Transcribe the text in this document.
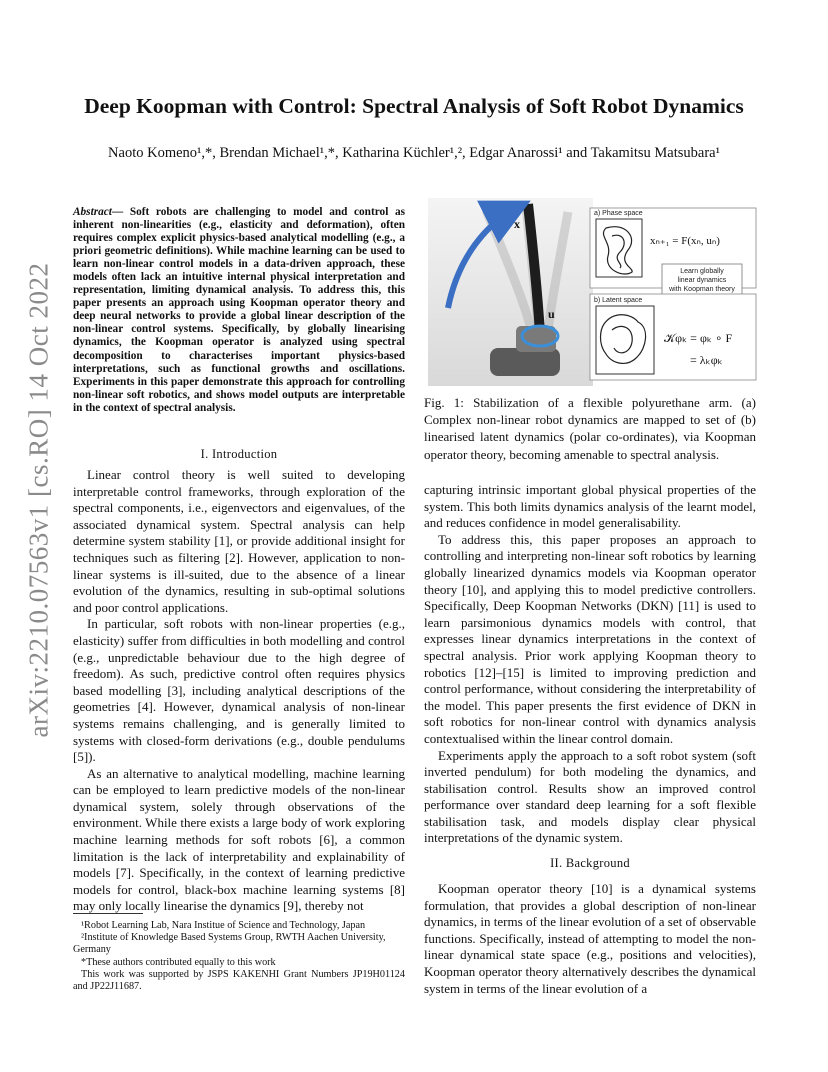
arXiv:2210.07563v1 [cs.RO] 14 Oct 2022
Deep Koopman with Control: Spectral Analysis of Soft Robot Dynamics
Naoto Komeno¹,*, Brendan Michael¹,*, Katharina Küchler¹,², Edgar Anarossi¹ and Takamitsu Matsubara¹
Abstract— Soft robots are challenging to model and control as inherent non-linearities (e.g., elasticity and deformation), often requires complex explicit physics-based analytical modelling (e.g., a priori geometric definitions). While machine learning can be used to learn non-linear control models in a data-driven approach, these models often lack an intuitive internal physical interpretation and representation, limiting dynamical analysis. To address this, this paper presents an approach using Koopman operator theory and deep neural networks to provide a global linear description of the non-linear control systems. Specifically, by globally linearising dynamics, the Koopman operator is analyzed using spectral decomposition to characterises important physics-based interpretations, such as functional growths and oscillations. Experiments in this paper demonstrate this approach for controlling non-linear soft robotics, and shows model outputs are interpretable in the context of spectral analysis.
I. Introduction

Linear control theory is well suited to developing interpretable control frameworks, through exploration of the spectral components, i.e., eigenvectors and eigenvalues, of the associated dynamical system. Spectral analysis can help determine system stability [1], or provide additional insight for techniques such as filtering [2]. However, application to non-linear systems is ill-suited, due to the absence of a linear evolution of the dynamics, resulting in sub-optimal solutions and poor control applications.

In particular, soft robots with non-linear properties (e.g., elasticity) suffer from difficulties in both modelling and control (e.g., unpredictable behaviour due to the high degree of freedom). As such, predictive control often requires physics based modelling [3], including analytical descriptions of the geometries [4]. However, dynamical analysis of non-linear systems remains challenging, and is generally limited to systems with closed-form derivations (e.g., double pendulums [5]).

As an alternative to analytical modelling, machine learning can be employed to learn predictive models of the non-linear dynamical system, solely through observations of the environment. While there exists a large body of work exploring machine learning methods for soft robots [6], a common limitation is the lack of interpretability and explainability of models [7]. Specifically, in the context of learning predictive models for control, black-box machine learning systems [8] may only locally linearise the dynamics [9], thereby not

¹Robot Learning Lab, Nara Institue of Science and Technology, Japan
²Institute of Knowledge Based Systems Group, RWTH Aachen University, Germany
*These authors contributed equally to this work
This work was supported by JSPS KAKENHI Grant Numbers JP19H01124 and JP22J11687.
x
u
a) Phase space
xₙ₊₁ = F(xₙ, uₙ)
Learn globally
linear dynamics
with Koopman theory
b) Latent space
𝒦φₖ = φₖ ∘ F
= λₖφₖ
Fig. 1: Stabilization of a flexible polyurethane arm. (a) Complex non-linear robot dynamics are mapped to set of (b) linearised latent dynamics (polar co-ordinates), via Koopman operator theory, becoming amenable to spectral analysis.

capturing intrinsic important global physical properties of the system. This both limits dynamics analysis of the learnt model, and reduces confidence in model generalisability.

To address this, this paper proposes an approach to controlling and interpreting non-linear soft robotics by learning globally linearized dynamics models via Koopman operator theory [10], and applying this to model predictive controllers. Specifically, Deep Koopman Networks (DKN) [11] is used to learn parsimonious dynamics models with control, that expresses linear dynamics interpretations in the context of spectral analysis. Prior work applying Koopman theory to robotics [12]–[15] is limited to improving prediction and control performance, without considering the interpretability of the model. This paper presents the first evidence of DKN in soft robotics for non-linear control with dynamics analysis contextualised within the linear control domain.

Experiments apply the approach to a soft robot system (soft inverted pendulum) for both modeling the dynamics, and stabilisation control. Results show an improved control performance over standard deep learning for a soft flexible stabilisation task, and models display clear physical interpretations of the dynamic system.

II. Background

Koopman operator theory [10] is a dynamical systems formulation, that provides a global description of non-linear dynamics, in terms of the linear evolution of a set of observable functions. Specifically, instead of attempting to model the non-linear dynamical state space (e.g., positions and velocities), Koopman operator theory alternatively describes the dynamical system in terms of the linear evolution of a
